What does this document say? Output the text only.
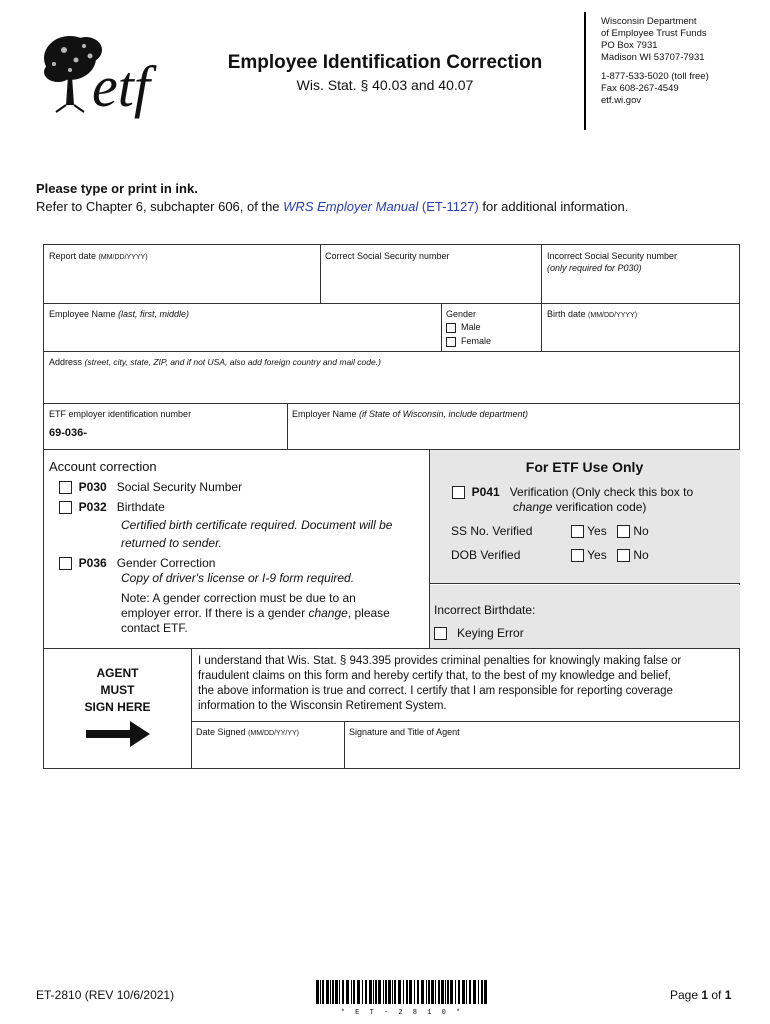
etf	Employee Identification Correction
Wis. Stat. § 40.03 and 40.07
Wisconsin Department
of Employee Trust Funds
PO Box 7931
Madison WI 53707-7931
1-877-533-5020 (toll free)
Fax 608-267-4549
etf.wi.gov
Please type or print in ink.
Refer to Chapter 6, subchapter 606, of the WRS Employer Manual (ET-1127) for additional information.
Report date (MM/DD/YYYY)	Correct Social Security number	Incorrect Social Security number
(only required for P030)
Employee Name (last, first, middle)	Gender
Male
Female
Birth date (MM/DD/YYYY)
Address (street, city, state, ZIP, and if not USA, also add foreign country and mail code.)
ETF employer identification number
69-036-
Employer Name (if State of Wisconsin, include department)
Account correction
P030 Social Security Number
P032 Birthdate
Certified birth certificate required. Document will be
returned to sender.
P036 Gender Correction
Copy of driver's license or I-9 form required.
Note: A gender correction must be due to an
employer error. If there is a gender change, please
contact ETF.
For ETF Use Only
P041 Verification (Only check this box to
change verification code)
SS No. Verified	Yes	No
DOB Verified	Yes	No
Incorrect Birthdate:
Keying Error
AGENT
MUST
SIGN HERE
I understand that Wis. Stat. § 943.395 provides criminal penalties for knowingly making false or
fraudulent claims on this form and hereby certify that, to the best of my knowledge and belief,
the above information is true and correct. I certify that I am responsible for reporting coverage
information to the Wisconsin Retirement System.
Date Signed (MM/DD/YY/YY)	Signature and Title of Agent
ET-2810 (REV 10/6/2021)
* E T - 2 8 1 0 *
Page 1 of 1
